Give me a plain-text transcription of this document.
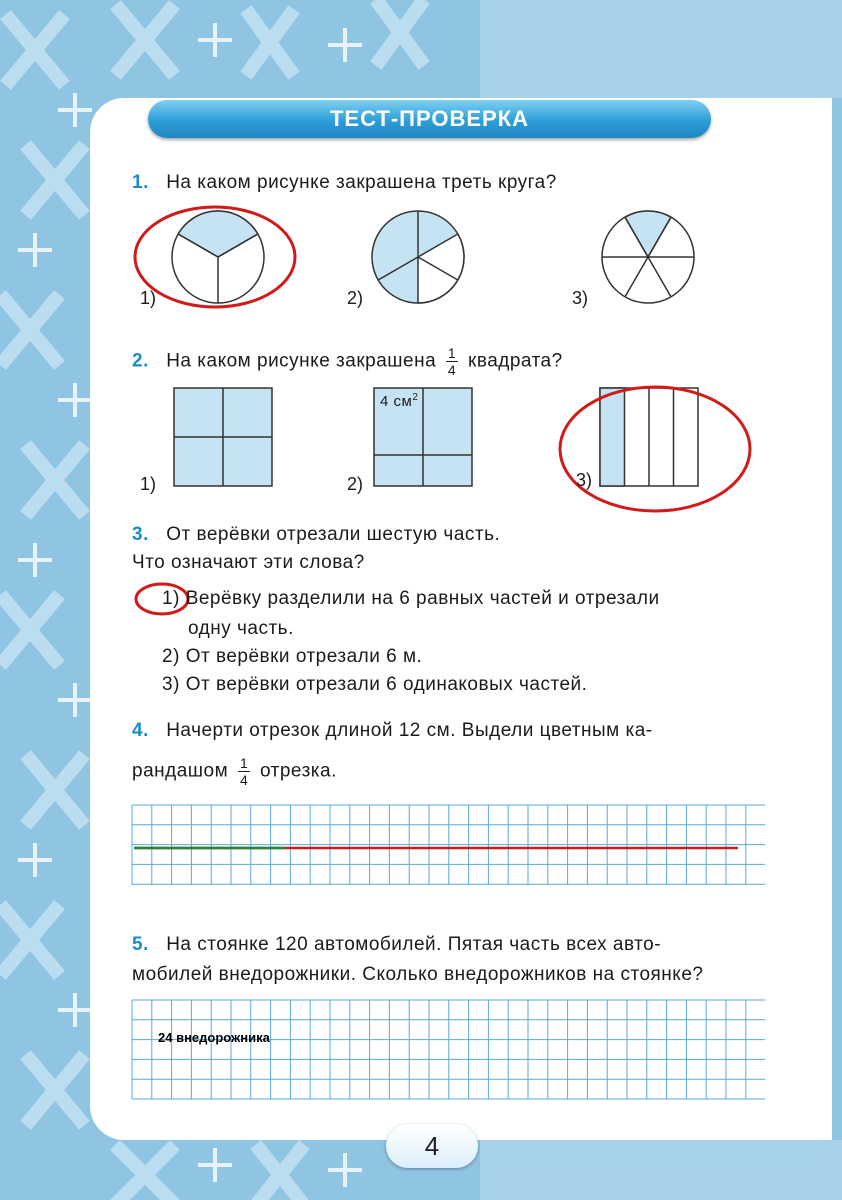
ТЕСТ-ПРОВЕРКА
1. На каком рисунке закрашена треть круга?
1)	2)	3)
2. На каком рисунке закрашена $\frac{1}{4}$ квадрата?
4 $см^2$
1)	2)	3)
3. От верёвки отрезали шестую часть.
Что означают эти слова?
1) Верёвку разделили на 6 равных частей и отрезали
одну часть.
2) От верёвки отрезали 6 м.
3) От верёвки отрезали 6 одинаковых частей.
4. Начерти отрезок длиной 12 см. Выдели цветным ка-
рандашом $\frac{1}{4}$ отрезка.
5. На стоянке 120 автомобилей. Пятая часть всех авто-
мобилей внедорожники. Сколько внедорожников на стоянке?
24 внедорожника
4
